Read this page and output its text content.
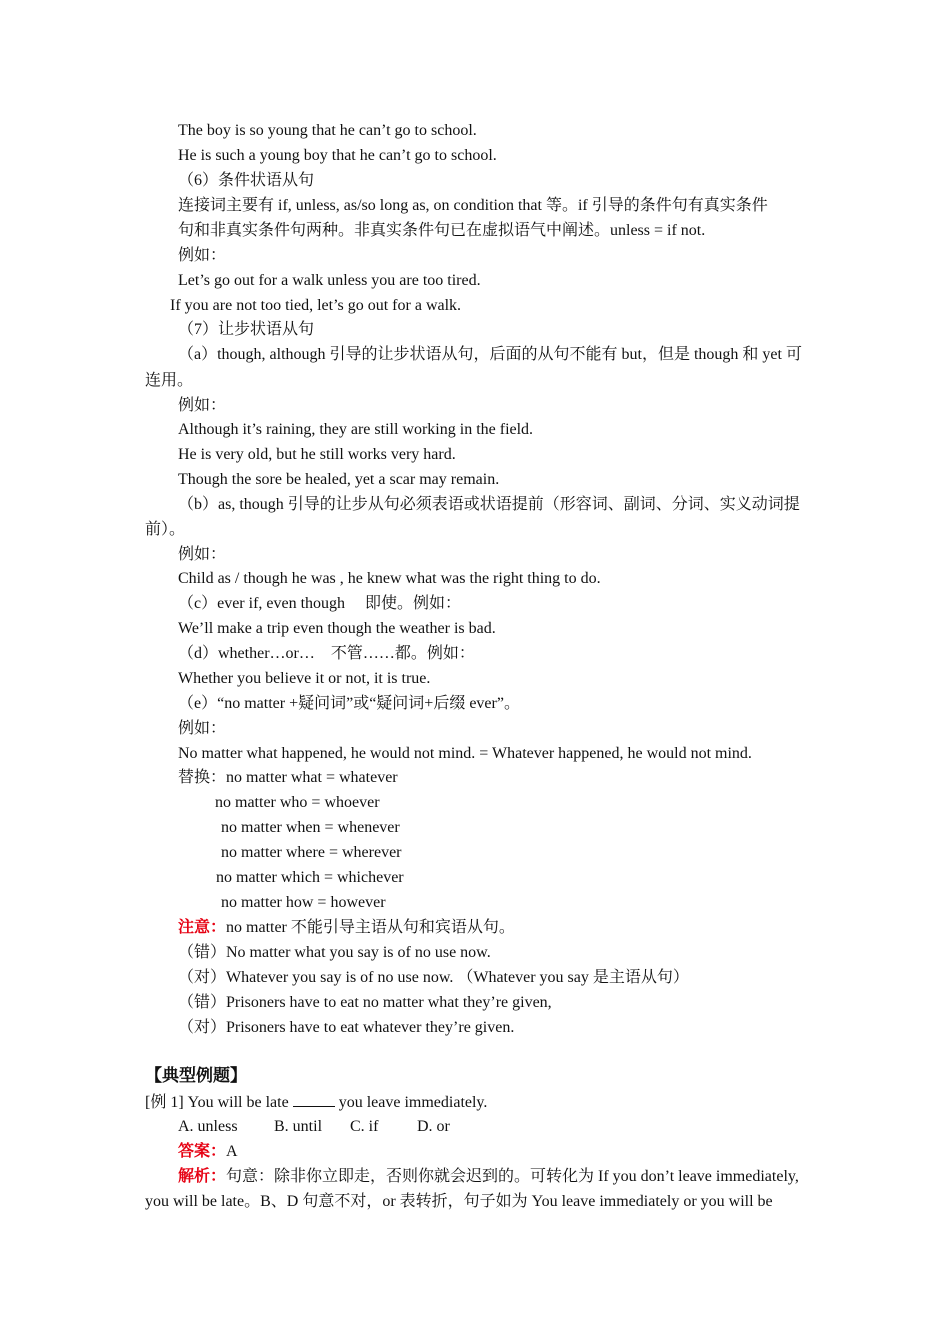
The boy is so young that he can’t go to school.
He is such a young boy that he can’t go to school.
（6）条件状语从句
连接词主要有 if, unless, as/so long as, on condition that 等。if 引导的条件句有真实条件
句和非真实条件句两种。非真实条件句已在虚拟语气中阐述。unless = if not.
例如：
Let’s go out for a walk unless you are too tired.
If you are not too tied, let’s go out for a walk.
（7）让步状语从句
（a）though, although 引导的让步状语从句，后面的从句不能有 but，但是 though 和 yet 可
连用。
例如：
Although it’s raining, they are still working in the field.
He is very old, but he still works very hard.
Though the sore be healed, yet a scar may remain.
（b）as, though 引导的让步从句必须表语或状语提前（形容词、副词、分词、实义动词提
前）。
例如：
Child as / though he was , he knew what was the right thing to do.
（c）ever if, even though　 即使。例如：
We’ll make a trip even though the weather is bad.
（d）whether…or…　不管……都。例如：
Whether you believe it or not, it is true.
（e）“no matter +疑问词”或“疑问词+后缀 ever”。
例如：
No matter what happened, he would not mind. = Whatever happened, he would not mind.
替换：no matter what = whatever
no matter who = whoever
no matter when = whenever
no matter where = wherever
no matter which = whichever
no matter how = however
注意：no matter 不能引导主语从句和宾语从句。
（错）No matter what you say is of no use now.
（对）Whatever you say is of no use now. （Whatever you say 是主语从句）
（错）Prisoners have to eat no matter what they’re given,
（对）Prisoners have to eat whatever they’re given.
【典型例题】
[例 1] You will be late	you leave immediately.
A. unless B. until C. if D. or
答案：A
解析：句意：除非你立即走，否则你就会迟到的。可转化为 If you don’t leave immediately,
you will be late。B、D 句意不对，or 表转折，句子如为 You leave immediately or you will be
